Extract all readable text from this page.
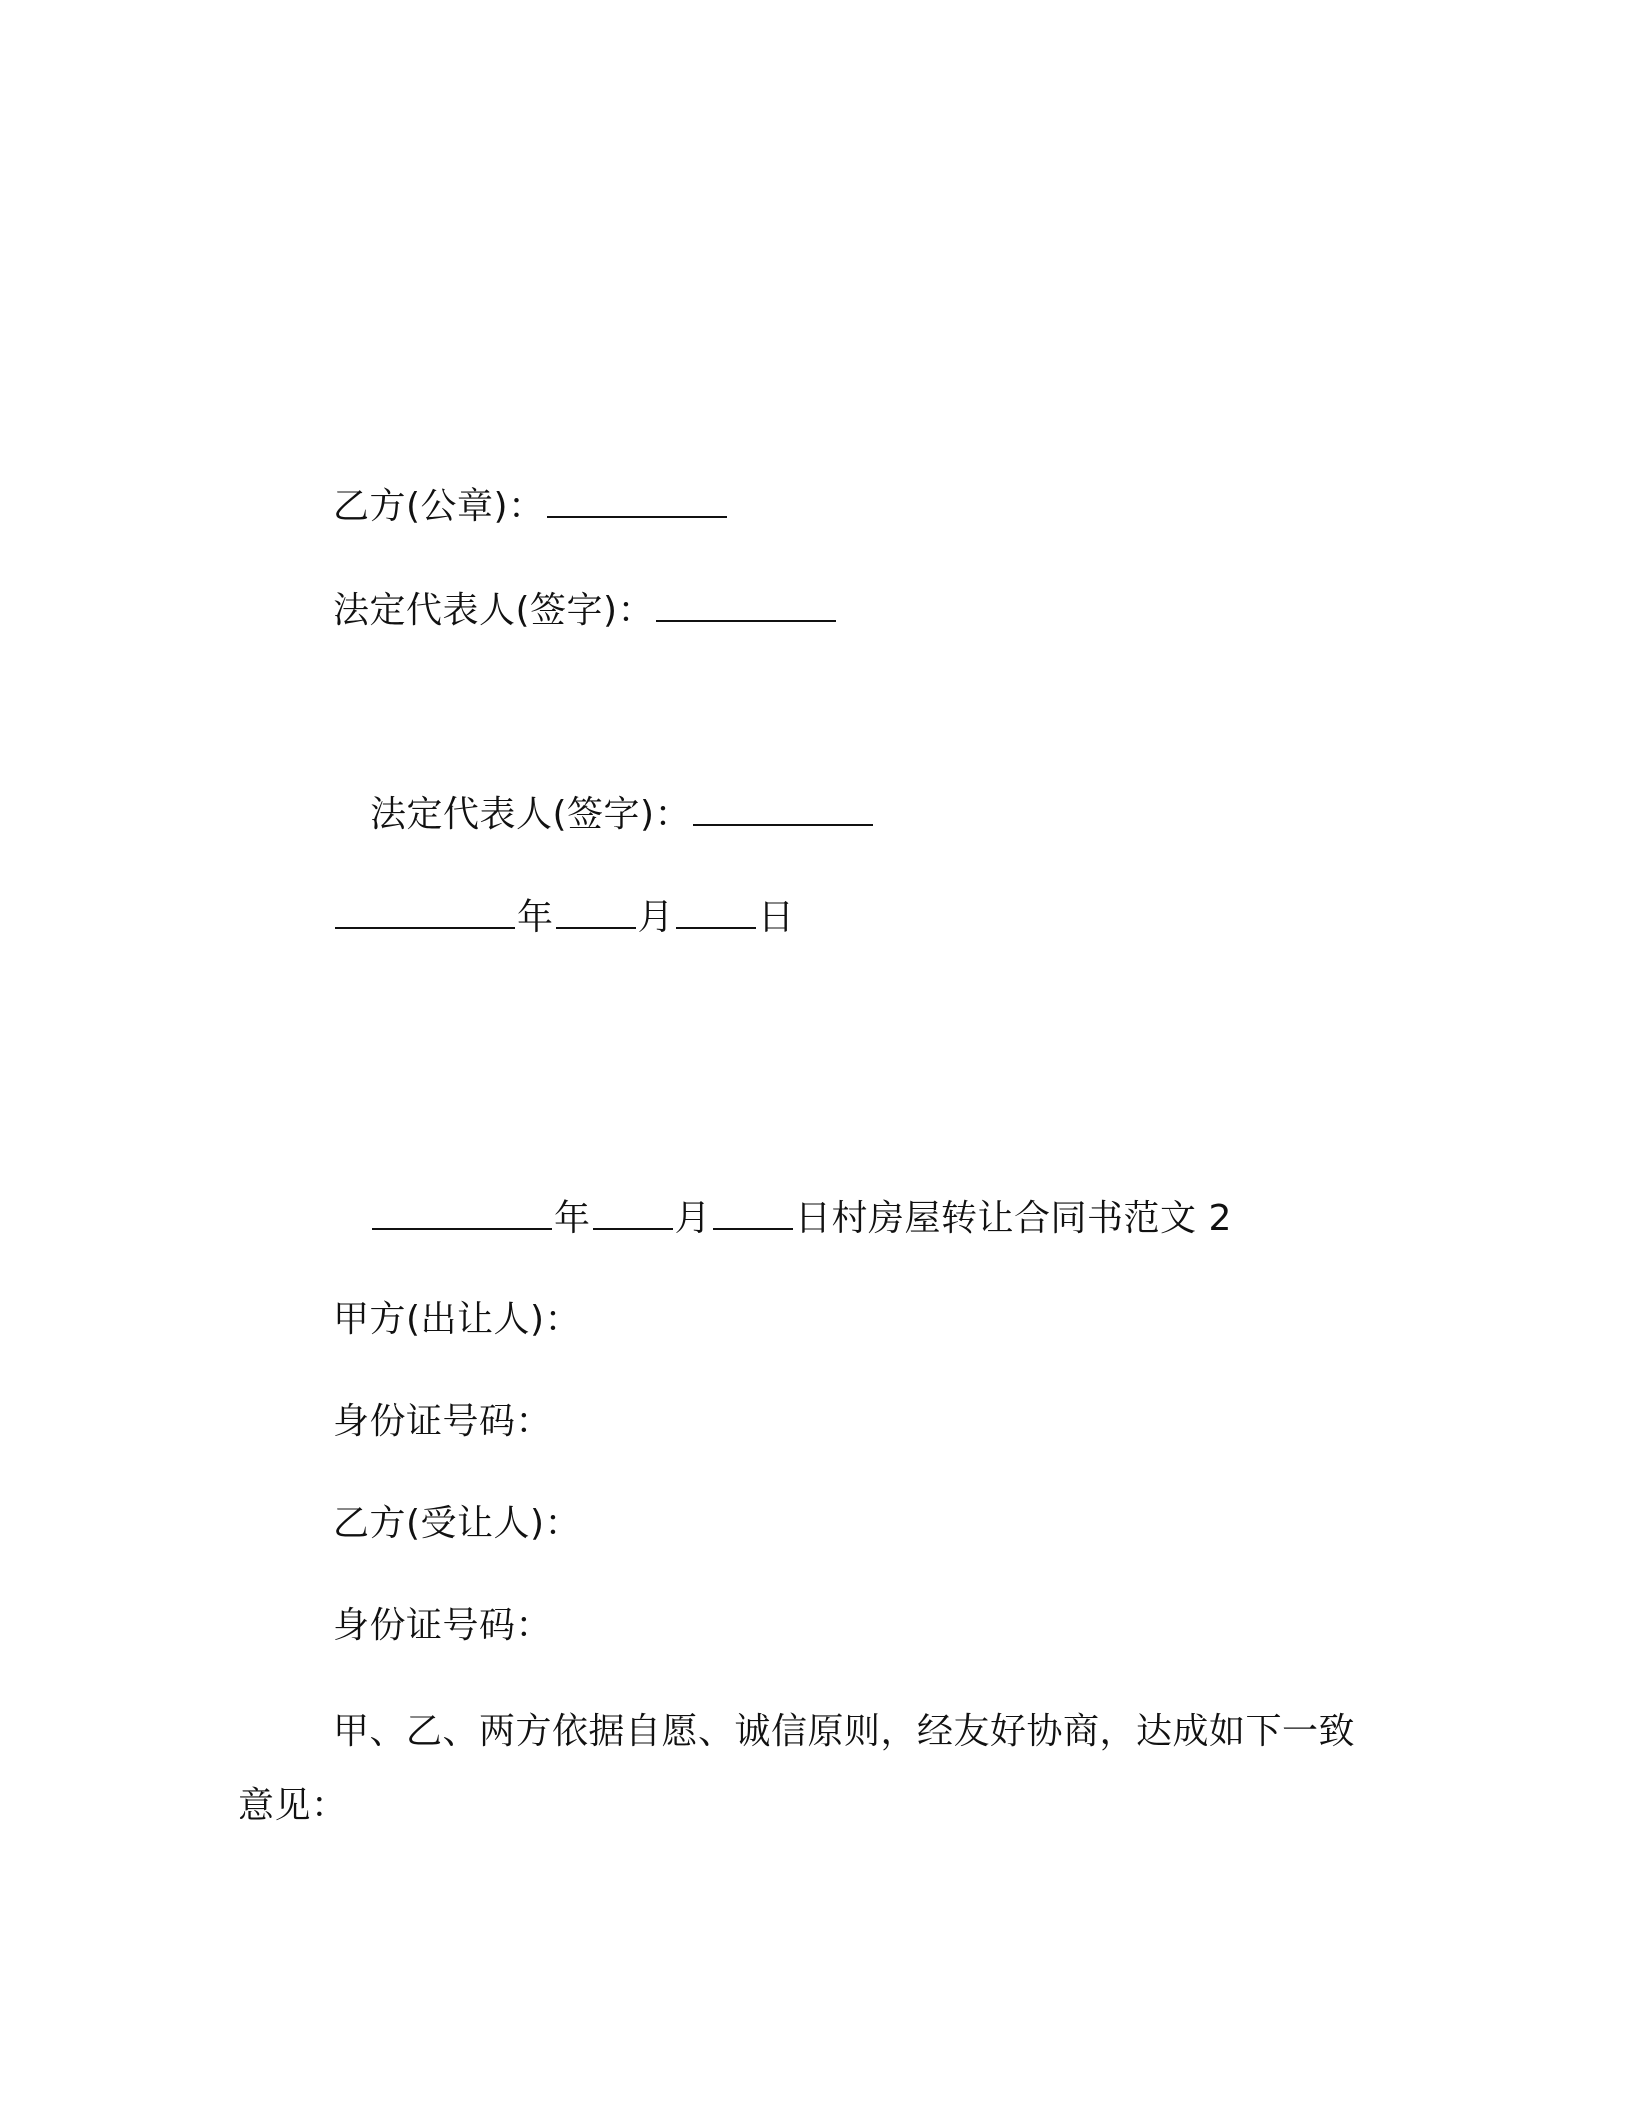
乙方(公章)：
法定代表人(签字)：
法定代表人(签字)：
年 月 日
年 月 日村房屋转让合同书范文 2
甲方(出让人)：
身份证号码：
乙方(受让人)：
身份证号码：
甲、乙、两方依据自愿、诚信原则，经友好协商，达成如下一致
意见：
